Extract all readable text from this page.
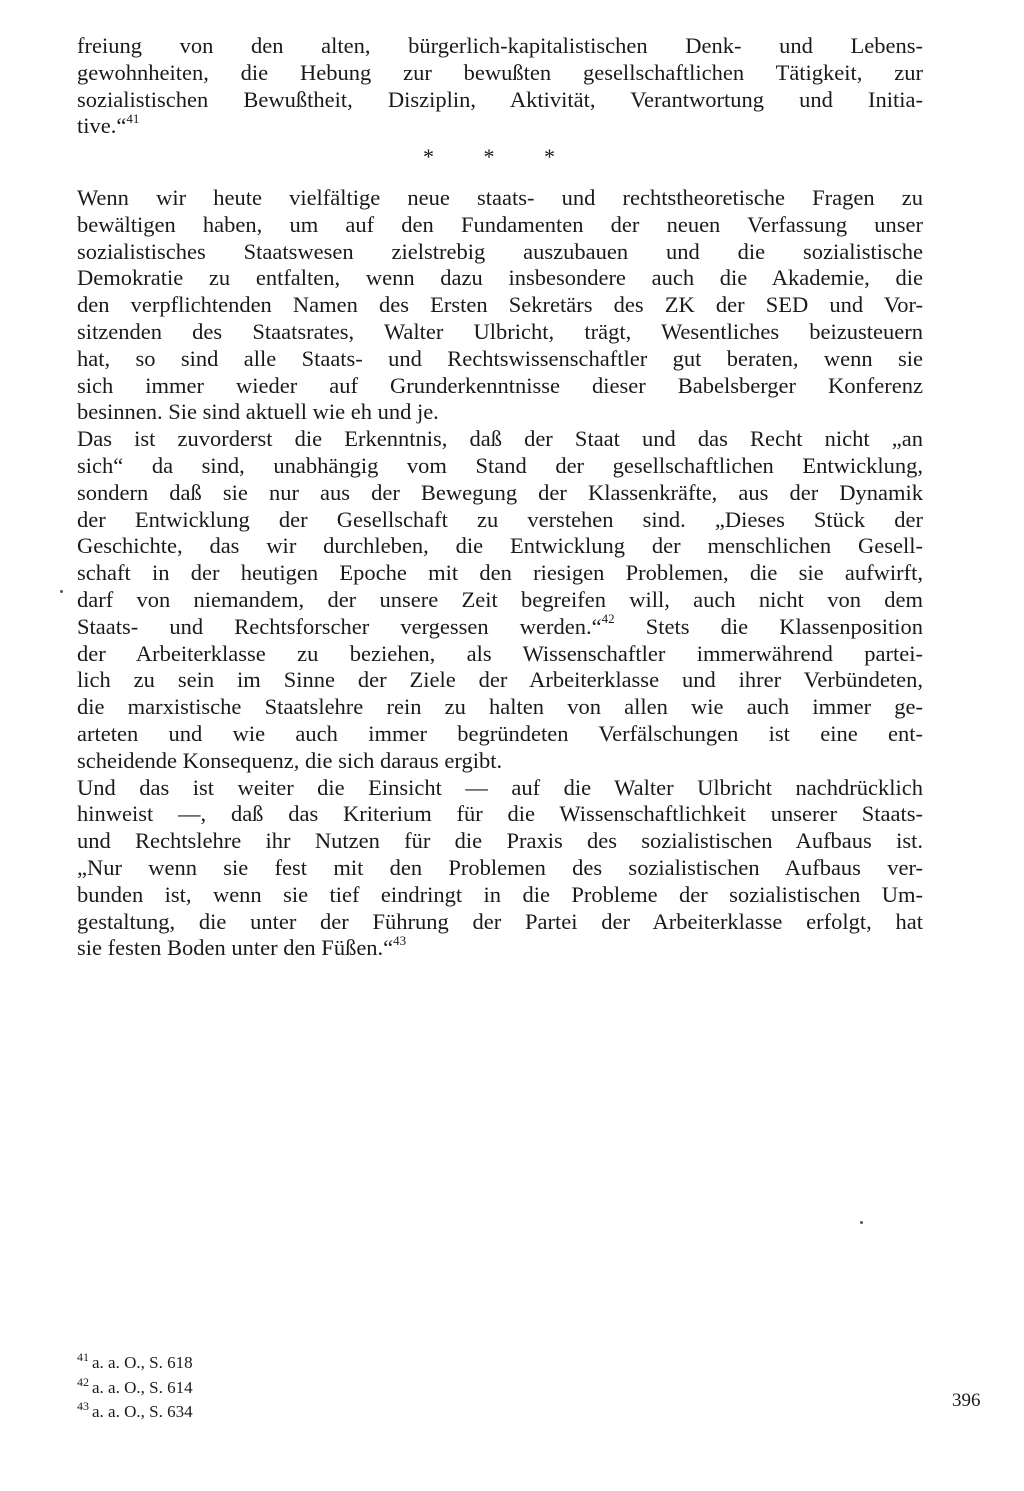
freiung von den alten, bürgerlich-kapitalistischen Denk- und Lebens-
gewohnheiten, die Hebung zur bewußten gesellschaftlichen Tätigkeit, zur
sozialistischen Bewußtheit, Disziplin, Aktivität, Verantwortung und Initia-
tive.“$^{41}$
* * *
Wenn wir heute vielfältige neue staats- und rechtstheoretische Fragen zu
bewältigen haben, um auf den Fundamenten der neuen Verfassung unser
sozialistisches Staatswesen zielstrebig auszubauen und die sozialistische
Demokratie zu entfalten, wenn dazu insbesondere auch die Akademie, die
den verpflichtenden Namen des Ersten Sekretärs des ZK der SED und Vor-
sitzenden des Staatsrates, Walter Ulbricht, trägt, Wesentliches beizusteuern
hat, so sind alle Staats- und Rechtswissenschaftler gut beraten, wenn sie
sich immer wieder auf Grunderkenntnisse dieser Babelsberger Konferenz
besinnen. Sie sind aktuell wie eh und je.
Das ist zuvorderst die Erkenntnis, daß der Staat und das Recht nicht „an
sich“ da sind, unabhängig vom Stand der gesellschaftlichen Entwicklung,
sondern daß sie nur aus der Bewegung der Klassenkräfte, aus der Dynamik
der Entwicklung der Gesellschaft zu verstehen sind. „Dieses Stück der
Geschichte, das wir durchleben, die Entwicklung der menschlichen Gesell-
schaft in der heutigen Epoche mit den riesigen Problemen, die sie aufwirft,
darf von niemandem, der unsere Zeit begreifen will, auch nicht von dem
Staats- und Rechtsforscher vergessen werden.“$^{42}$ Stets die Klassenposition
der Arbeiterklasse zu beziehen, als Wissenschaftler immerwährend partei-
lich zu sein im Sinne der Ziele der Arbeiterklasse und ihrer Verbündeten,
die marxistische Staatslehre rein zu halten von allen wie auch immer ge-
arteten und wie auch immer begründeten Verfälschungen ist eine ent-
scheidende Konsequenz, die sich daraus ergibt.
Und das ist weiter die Einsicht — auf die Walter Ulbricht nachdrücklich
hinweist —, daß das Kriterium für die Wissenschaftlichkeit unserer Staats-
und Rechtslehre ihr Nutzen für die Praxis des sozialistischen Aufbaus ist.
„Nur wenn sie fest mit den Problemen des sozialistischen Aufbaus ver-
bunden ist, wenn sie tief eindringt in die Probleme der sozialistischen Um-
gestaltung, die unter der Führung der Partei der Arbeiterklasse erfolgt, hat
sie festen Boden unter den Füßen.“$^{43}$
$^{41}$ a. a. O., S. 618
$^{42}$ a. a. O., S. 614
$^{43}$ a. a. O., S. 634
396
